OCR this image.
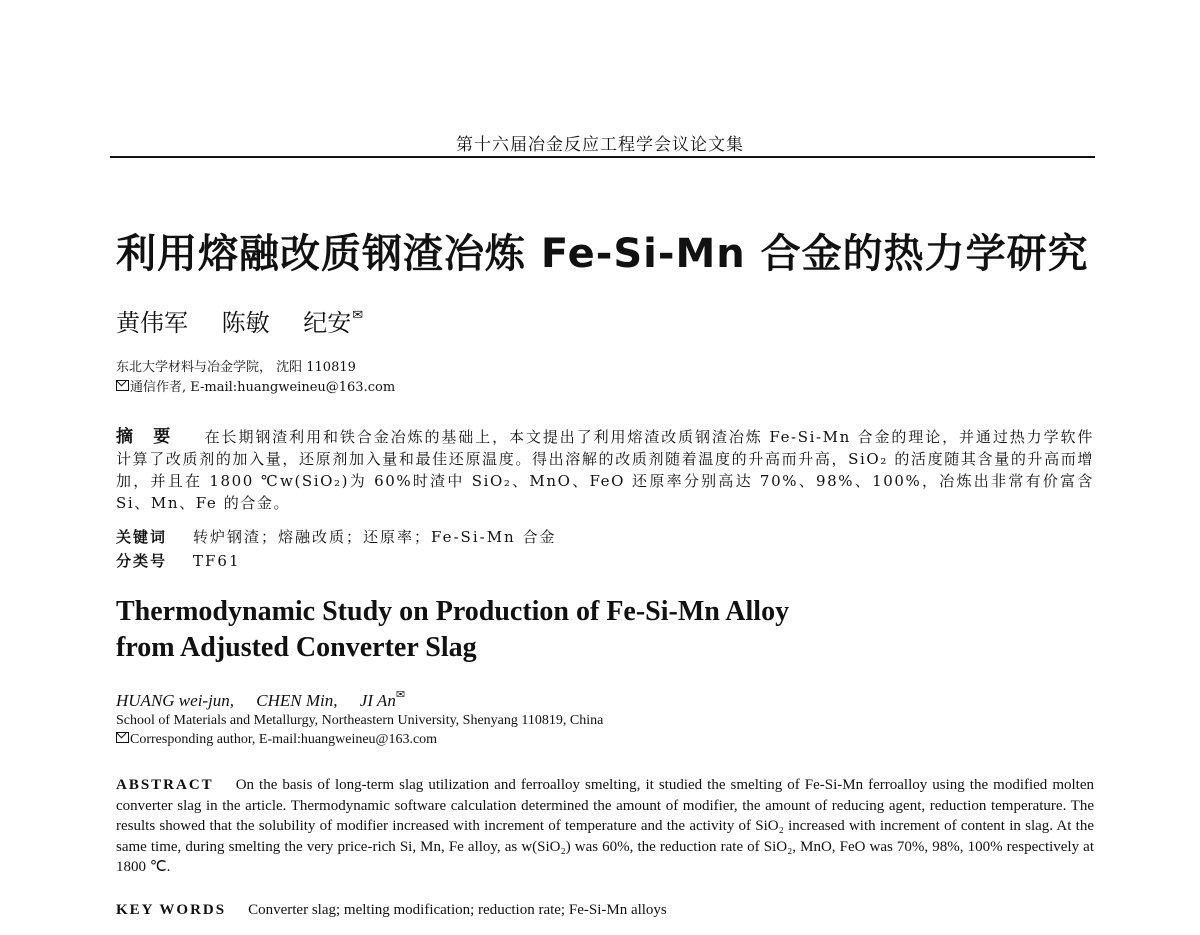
第十六届冶金反应工程学会议论文集
利用熔融改质钢渣冶炼 Fe-Si-Mn 合金的热力学研究
黄伟军 陈敏 纪安✉
东北大学材料与冶金学院， 沈阳 110819
通信作者, E-mail:huangweineu@163.com
摘要 在长期钢渣利用和铁合金冶炼的基础上，本文提出了利用熔渣改质钢渣冶炼 Fe-Si-Mn 合金的理论，并通过热力学软件计算了改质剂的加入量，还原剂加入量和最佳还原温度。得出溶解的改质剂随着温度的升高而升高，SiO₂ 的活度随其含量的升高而增加，并且在 1800 ℃w(SiO₂)为 60%时渣中 SiO₂、MnO、FeO 还原率分别高达 70%、98%、100%，冶炼出非常有价富含 Si、Mn、Fe 的合金。
关键词 转炉钢渣；熔融改质；还原率；Fe-Si-Mn 合金
分类号 TF61
Thermodynamic Study on Production of Fe-Si-Mn Alloy
from Adjusted Converter Slag
HUANG wei-jun, CHEN Min, JI An✉
School of Materials and Metallurgy, Northeastern University, Shenyang 110819, China
Corresponding author, E-mail:huangweineu@163.com
ABSTRACT On the basis of long-term slag utilization and ferroalloy smelting, it studied the smelting of Fe-Si-Mn ferroalloy using the modified molten converter slag in the article. Thermodynamic software calculation determined the amount of modifier, the amount of reducing agent, reduction temperature. The results showed that the solubility of modifier increased with increment of temperature and the activity of SiO₂ increased with increment of content in slag. At the same time, during smelting the very price-rich Si, Mn, Fe alloy, as w(SiO₂) was 60%, the reduction rate of SiO₂, MnO, FeO was 70%, 98%, 100% respectively at 1800 ℃.
KEY WORDS Converter slag; melting modification; reduction rate; Fe-Si-Mn alloys
